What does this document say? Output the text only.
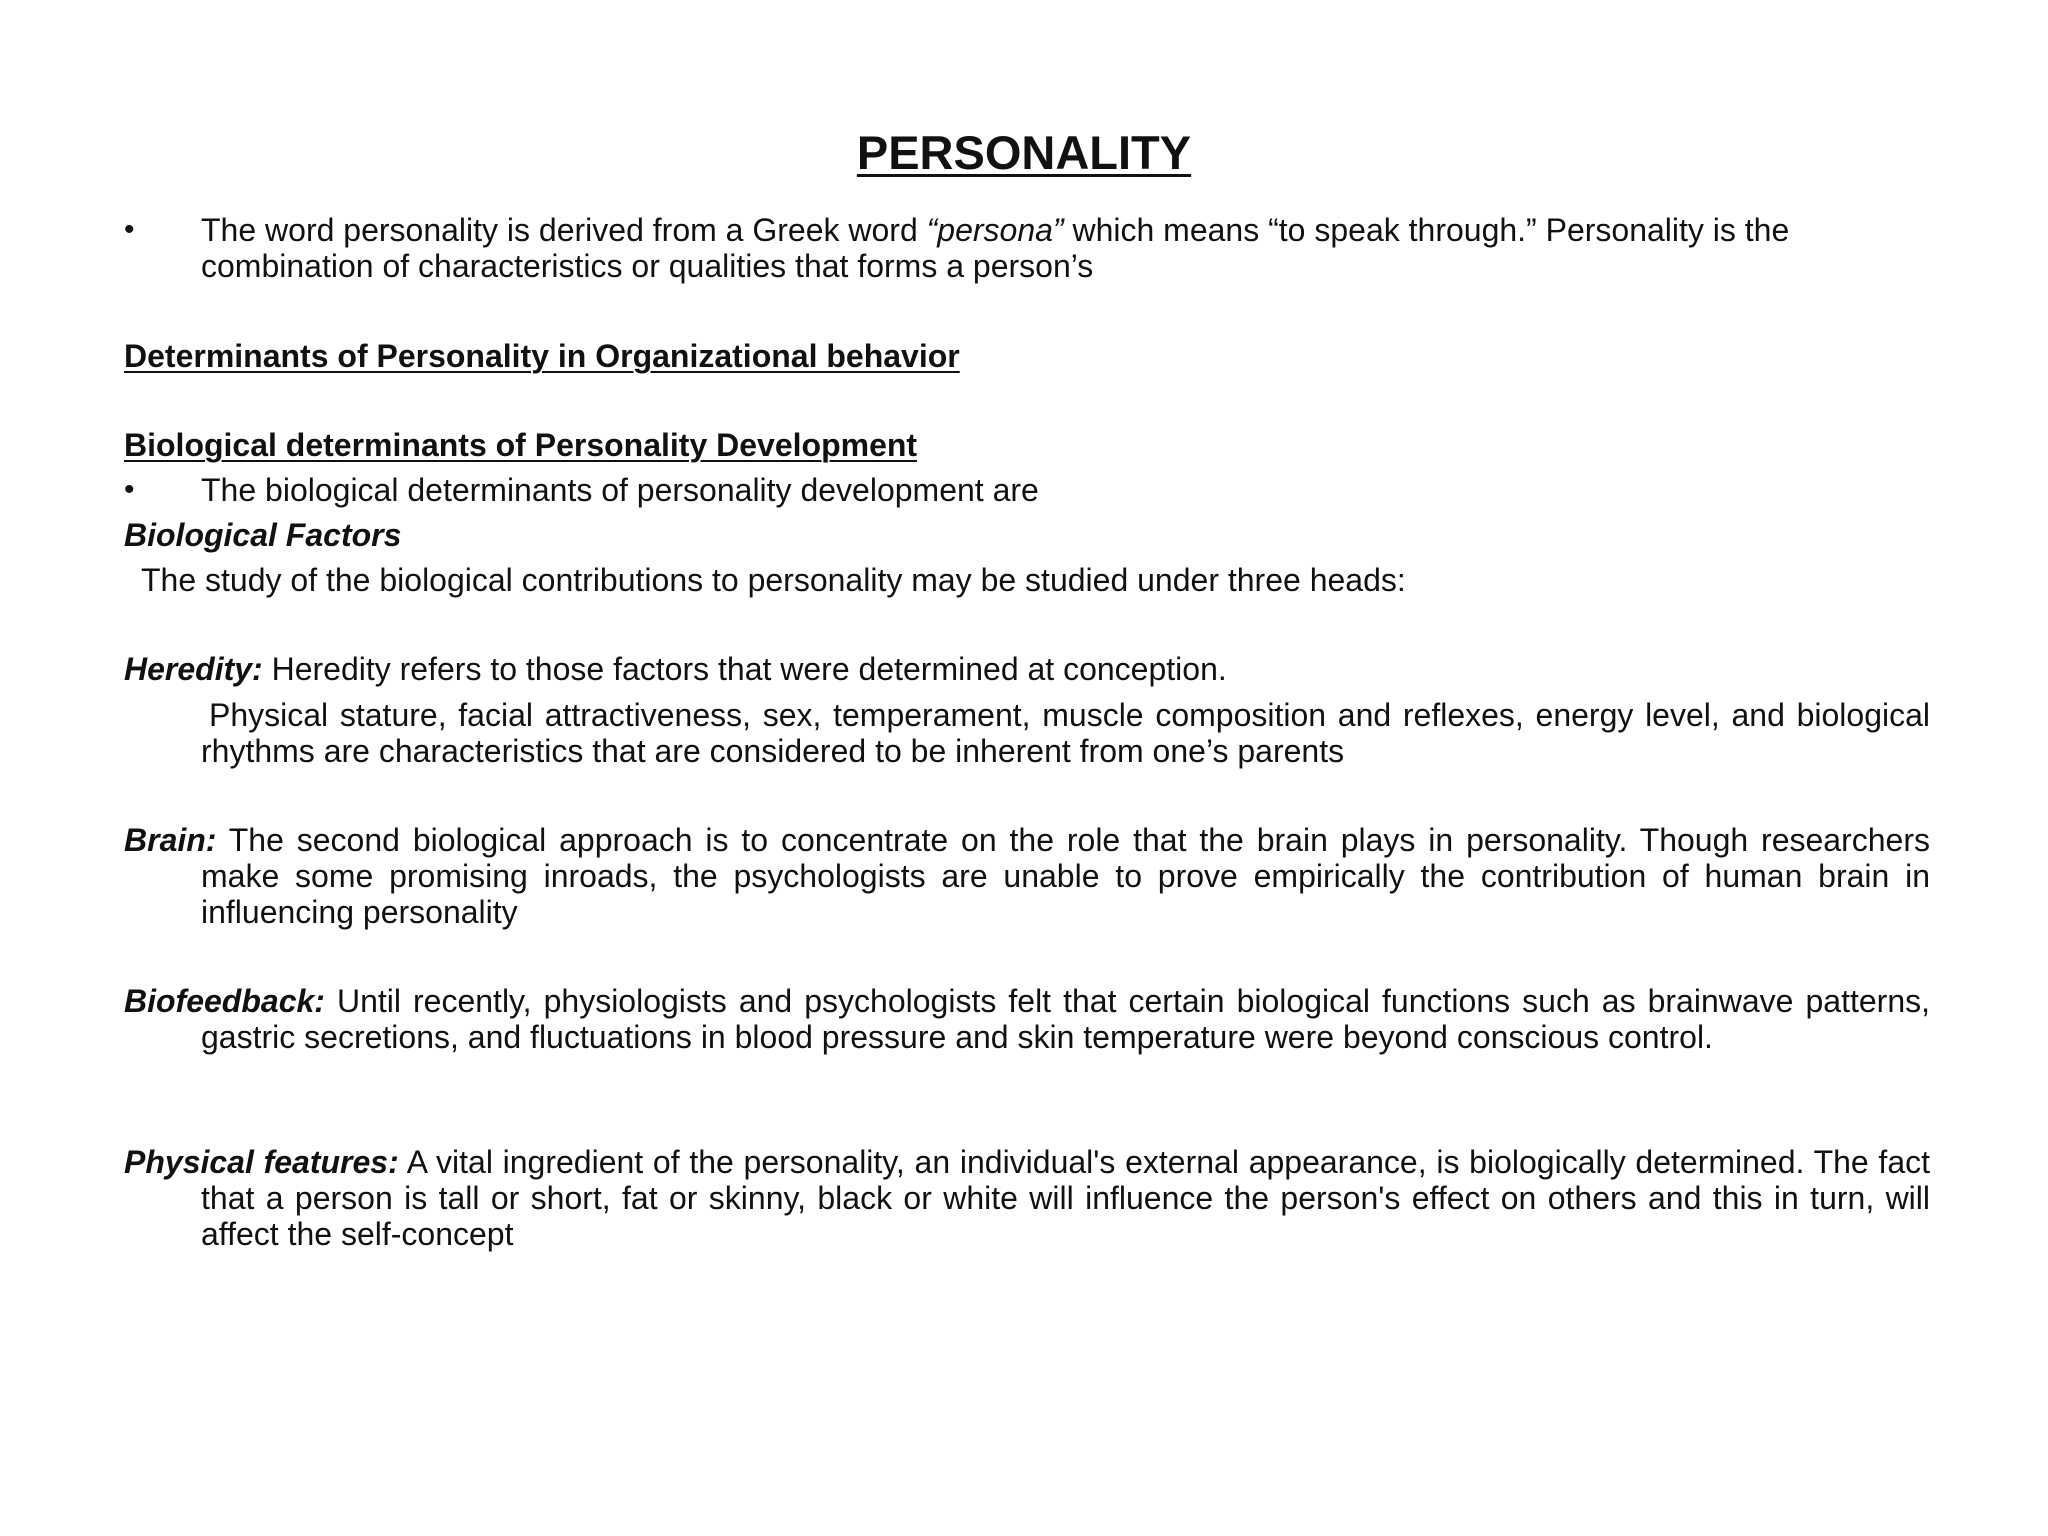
PERSONALITY
•	The word personality is derived from a Greek word “persona” which means “to speak through.” Personality is the combination of characteristics or qualities that forms a person’s
Determinants of Personality in Organizational behavior
Biological determinants of Personality Development
•	The biological determinants of personality development are
Biological Factors
The study of the biological contributions to personality may be studied under three heads:
Heredity: Heredity refers to those factors that were determined at conception.
Physical stature, facial attractiveness, sex, temperament, muscle composition and reflexes, energy level, and biological rhythms are characteristics that are considered to be inherent from one’s parents
Brain: The second biological approach is to concentrate on the role that the brain plays in personality. Though researchers make some promising inroads, the psychologists are unable to prove empirically the contribution of human brain in influencing personality
Biofeedback: Until recently, physiologists and psychologists felt that certain biological functions such as brainwave patterns, gastric secretions, and fluctuations in blood pressure and skin temperature were beyond conscious control.
Physical features: A vital ingredient of the personality, an individual's external appearance, is biologically determined. The fact that a person is tall or short, fat or skinny, black or white will influence the person's effect on others and this in turn, will affect the self-concept
